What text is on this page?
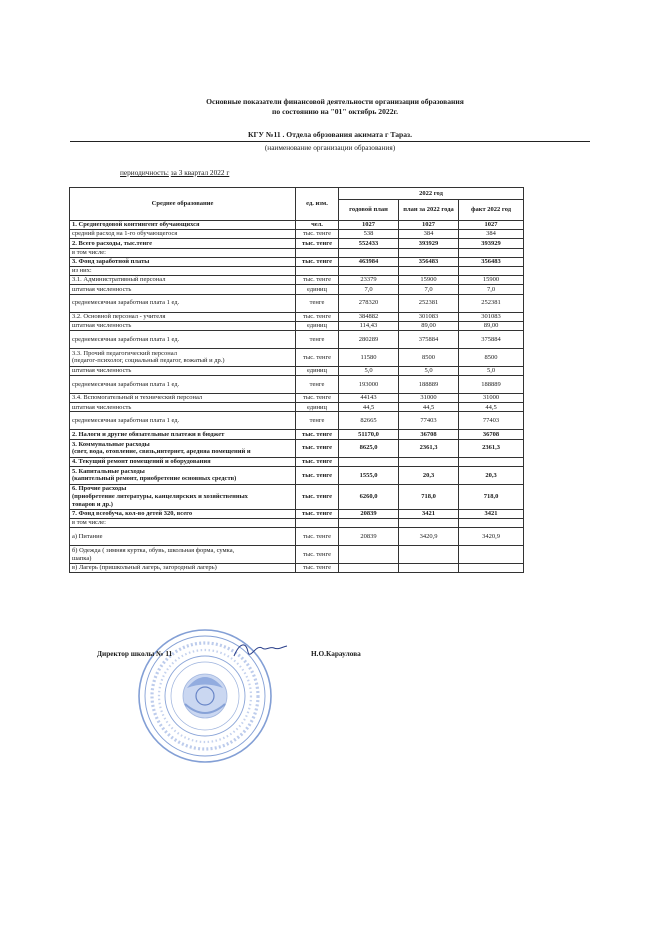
Основные показатели финансовой деятельности организации образования
по состоянию на "01" октябрь 2022г.
КГУ №11 . Отдела обрзования акимата г Тараз.
(наименование организации образования)
периодичность: за 3 квартал 2022 г
Среднее образование	ед. изм.	2022 год		
		годовой план	план за 2022 года	факт 2022 год

1. Среднегодовой контингент обучающихся	чел.	1027	1027	1027

средний расход на 1-го обучающегося	тыс. тенге	538	384	384

2. Всего расходы, тыс.тенге	тыс. тенге	552433	393929	393929

в том числе:				

3. Фонд заработной платы	тыс. тенге	463984	356483	356483

из них:				

3.1. Административный персонал	тыс. тенге	23379	15900	15900

штатная численность	единиц	7,0	7,0	7,0

среднемесячная заработная плата 1 ед.	тенге	278320	252381	252381

3.2. Основной персонал - учителя	тыс. тенге	384882	301083	301083

штатная численность	единиц	114,43	89,00	89,00

среднемесячная заработная плата 1 ед.	тенге	280289	375884	375884

3.3. Прочий педагогический персонал
(педагог-психолог, социальный педагог, вожатый и др.)	тыс. тенге	11580	8500	8500

штатная численность	единиц	5,0	5,0	5,0

среднемесячная заработная плата 1 ед.	тенге	193000	188889	188889

3.4. Вспомогательный и технический персонал	тыс. тенге	44143	31000	31000

штатная численность	единиц	44,5	44,5	44,5

среднемесячная заработная плата 1 ед.	тенге	82665	77403	77403

2. Налоги и другие обязательные платежи в бюджет	тыс. тенге	51170,0	36708	36708

3. Коммунальные расходы
(свет, вода, отопление, связь,интернет, аредняа помещений и	тыс. тенге	8625,0	2361,3	2361,3

4. Текущий ремонт помещений и оборудования	тыс. тенге			

5. Капитальные расходы
(капительный ремонт, приобретение основных средств)	тыс. тенге	1555,0	20,3	20,3

6. Прочие расходы
(приобретение литературы, канцелярских и хозяйственных
товаров и др.)	тыс. тенге	6260,0	718,0	718,0

7. Фонд всеобуча, кол-во детей 320, всего	тыс. тенге	20839	3421	3421

в том числе:				

а) Питание	тыс. тенге	20839	3420,9	3420,9

б) Одежда ( зимняя куртка, обувь, школьная форма, сумка,
шапка)	тыс. тенге			

в) Лагерь (пришкольный лагерь, загородный лагерь)	тыс. тенге			
Директор школы № 11	Н.О.Караулова
